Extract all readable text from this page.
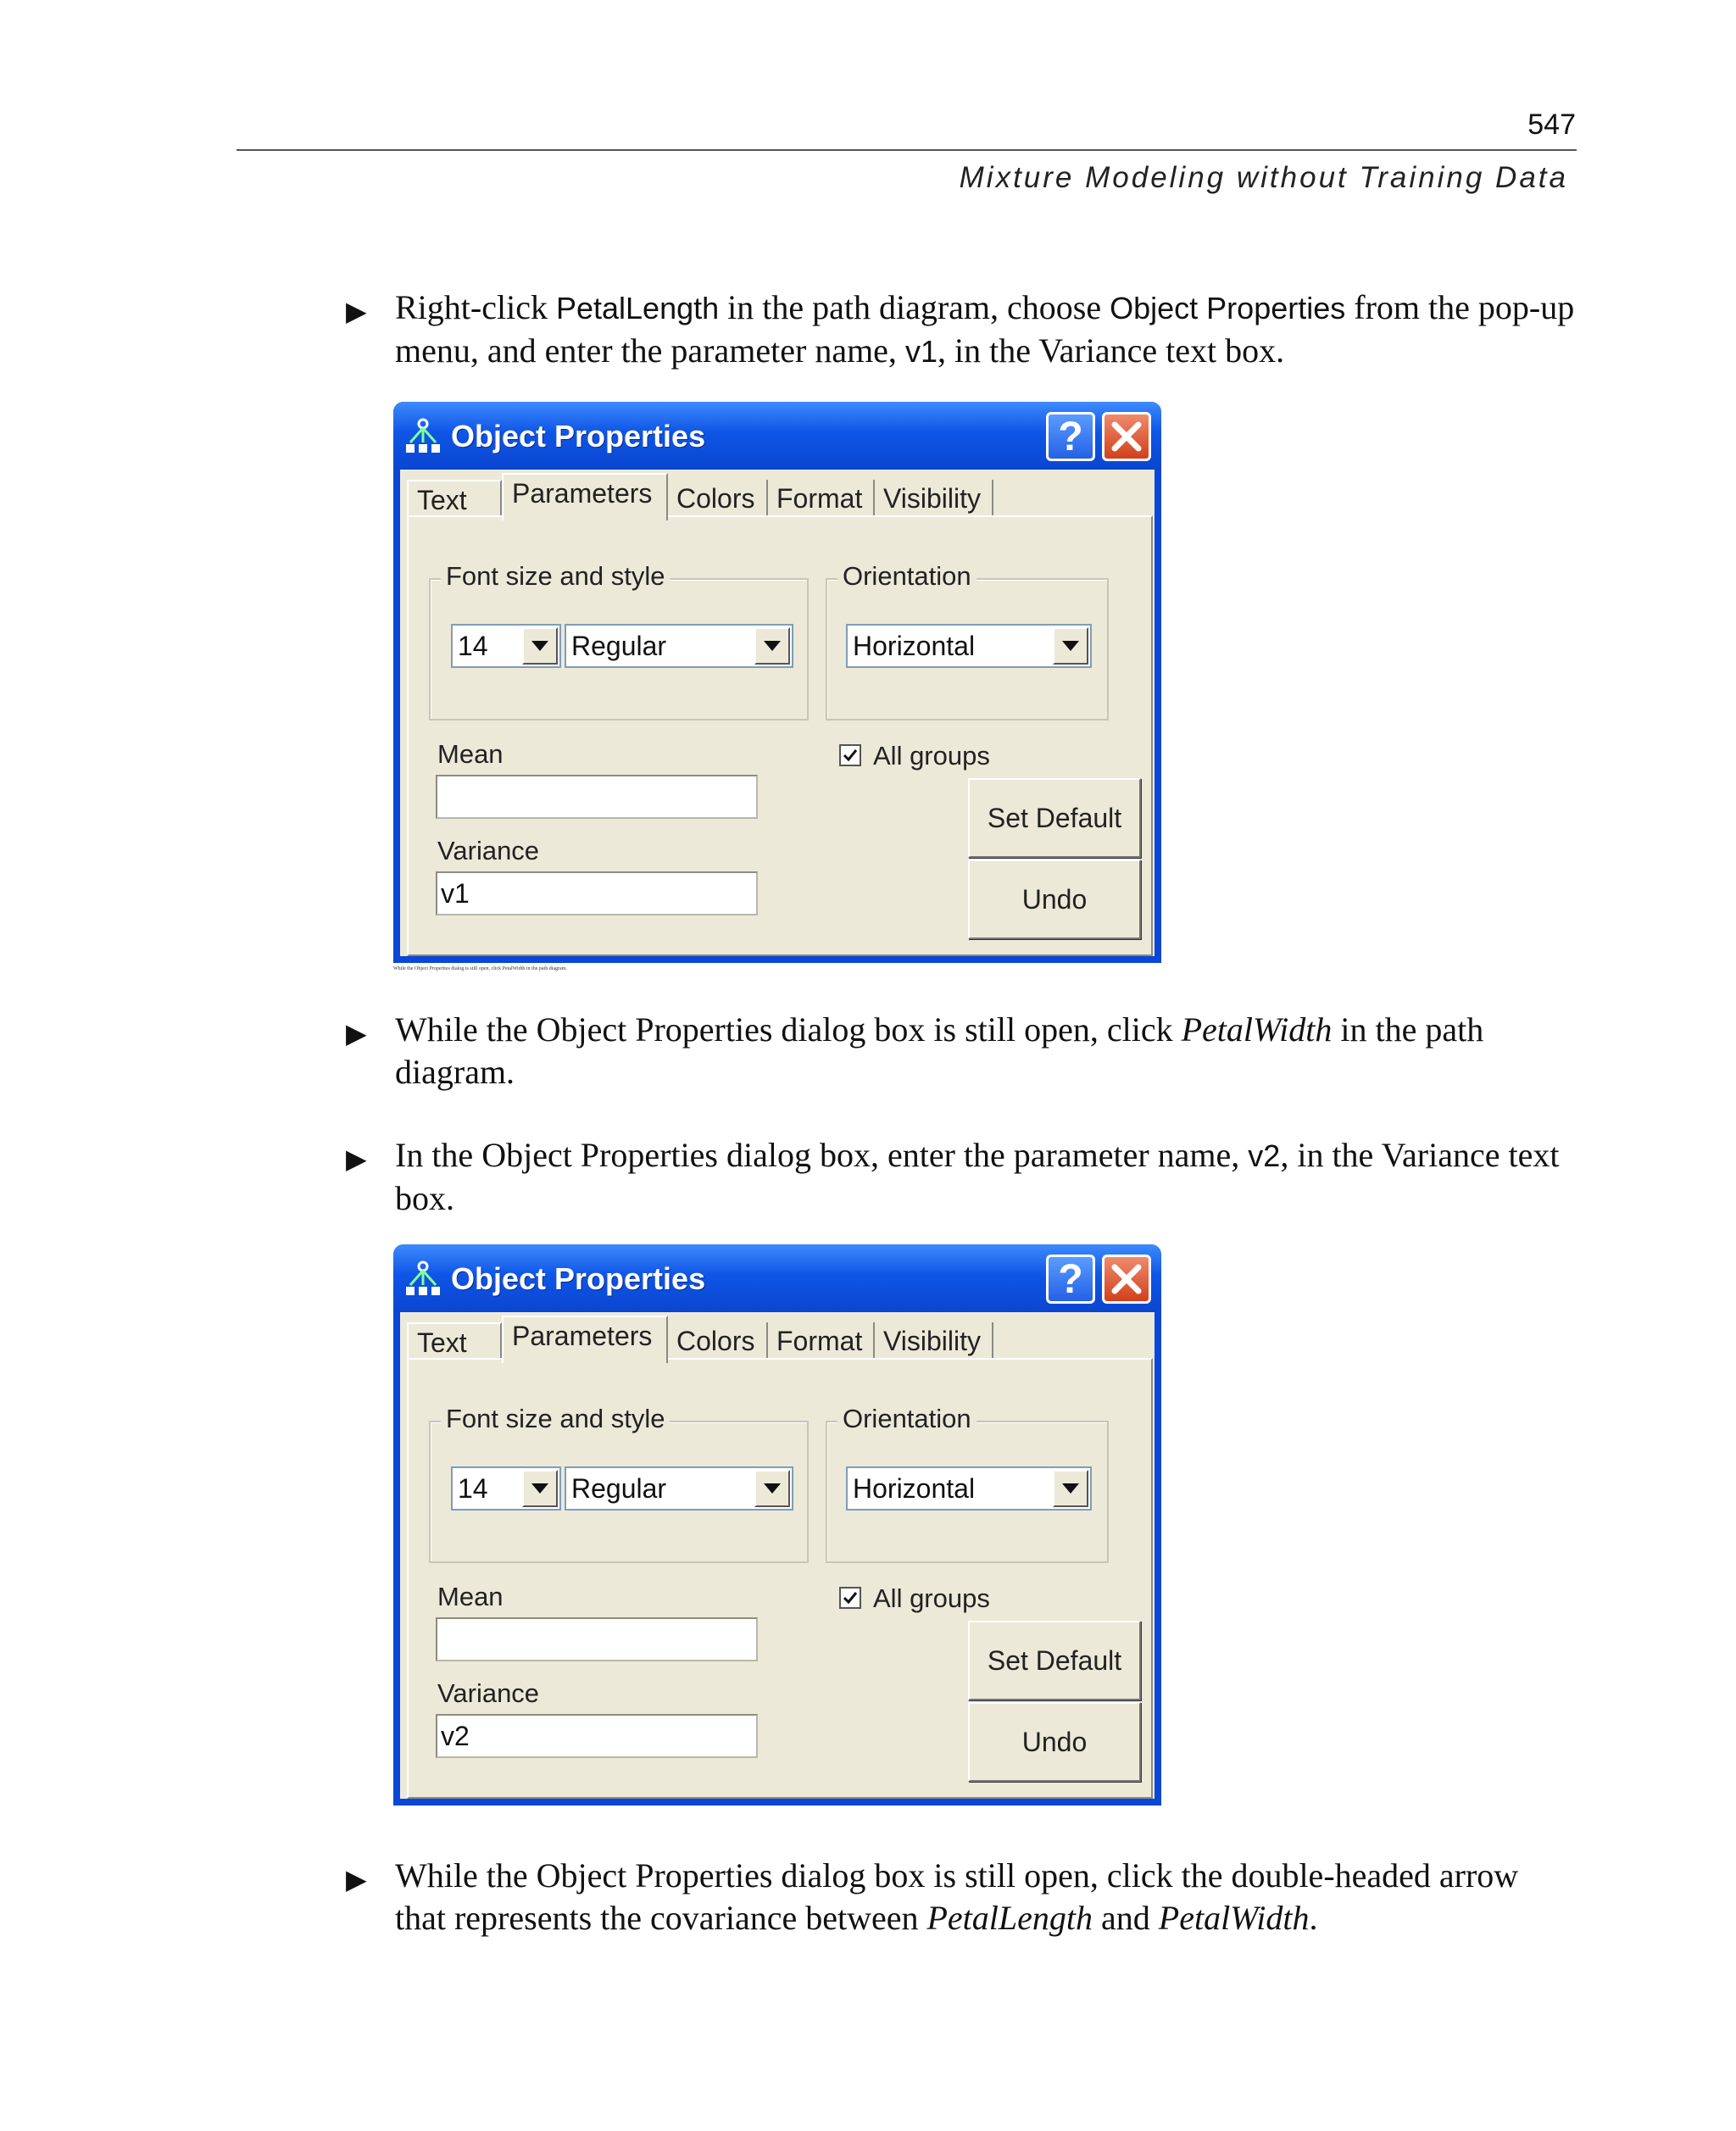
547
Mixture Modeling without Training Data
▶ Right-click PetalLength in the path diagram, choose Object Properties from the pop-up menu, and enter the parameter name, v1, in the Variance text box.
Object Properties	?
Text	Parameters Colors Format Visibility
Font size and style
14	Regular
Orientation
Horizontal
Mean
Variance
v1
All groups
Set Default
Undo
While the Object Properties dialog is still open, click PetalWidth in the path diagram.
▶ While the Object Properties dialog box is still open, click PetalWidth in the path diagram.
▶ In the Object Properties dialog box, enter the parameter name, v2, in the Variance text box.
Object Properties	?
Text	Parameters Colors Format Visibility
Font size and style
14	Regular
Orientation
Horizontal
Mean
Variance
v2
All groups
Set Default
Undo
▶ While the Object Properties dialog box is still open, click the double-headed arrow that represents the covariance between PetalLength and PetalWidth.
